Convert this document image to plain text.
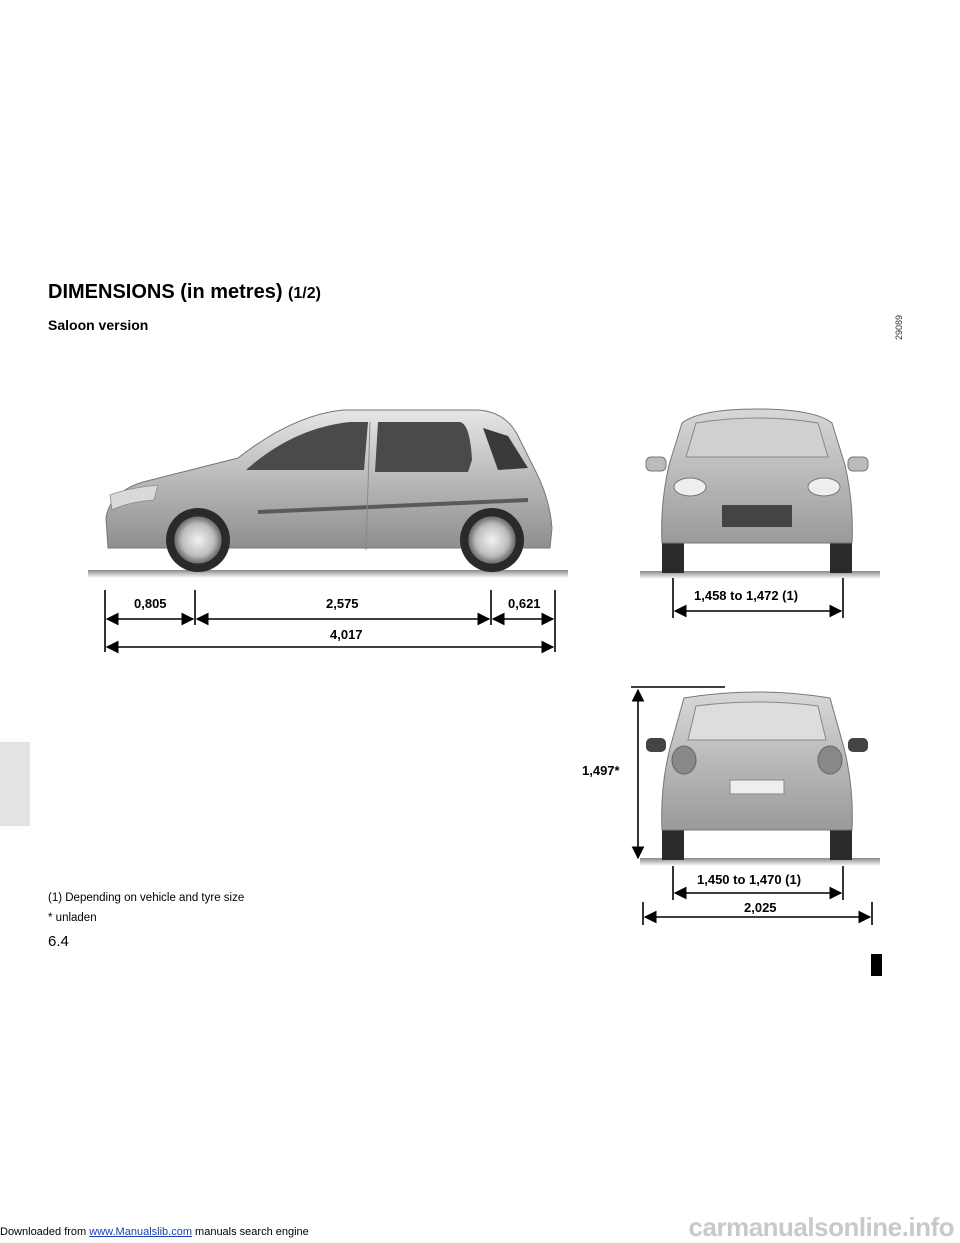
DIMENSIONS (in metres) (1/2)
Saloon version	29089
0,805	2,575	0,621
4,017
1,458 to 1,472 (1)
1,497*
1,450 to 1,470 (1)
2,025
(1) Depending on vehicle and tyre size
* unladen
6.4
Downloaded from www.Manualslib.com manuals search engine	carmanualsonline.info
